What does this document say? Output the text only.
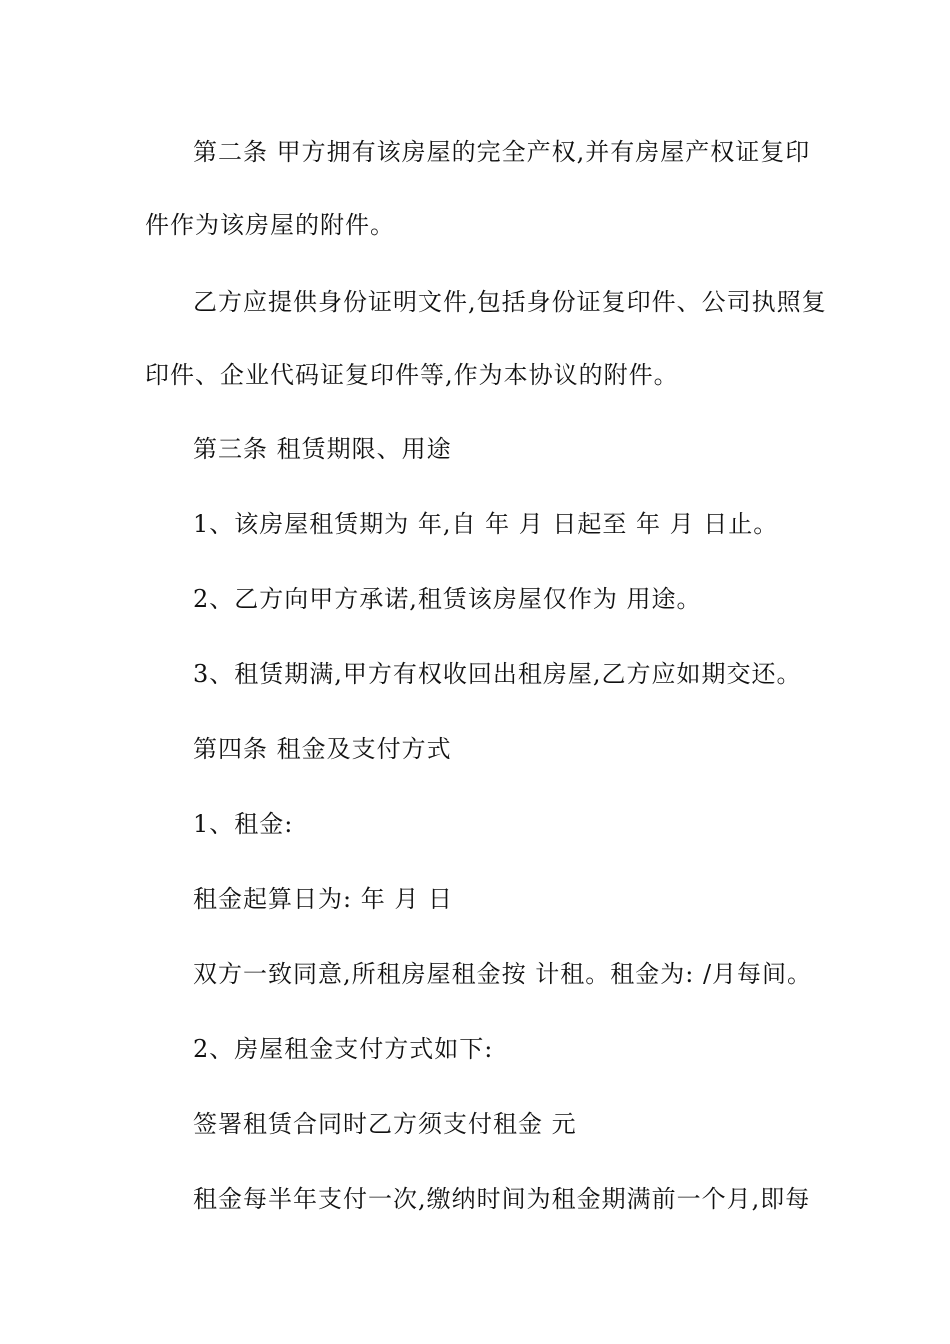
第二条 甲方拥有该房屋的完全产权,并有房屋产权证复印

件作为该房屋的附件。

乙方应提供身份证明文件,包括身份证复印件、公司执照复

印件、企业代码证复印件等,作为本协议的附件。

第三条 租赁期限、用途

1、该房屋租赁期为 年,自 年 月 日起至 年 月 日止。

2、乙方向甲方承诺,租赁该房屋仅作为 用途。

3、租赁期满,甲方有权收回出租房屋,乙方应如期交还。

第四条 租金及支付方式

1、租金:

租金起算日为: 年 月 日

双方一致同意,所租房屋租金按 计租。租金为: /月每间。

2、房屋租金支付方式如下:

签署租赁合同时乙方须支付租金 元

租金每半年支付一次,缴纳时间为租金期满前一个月,即每
